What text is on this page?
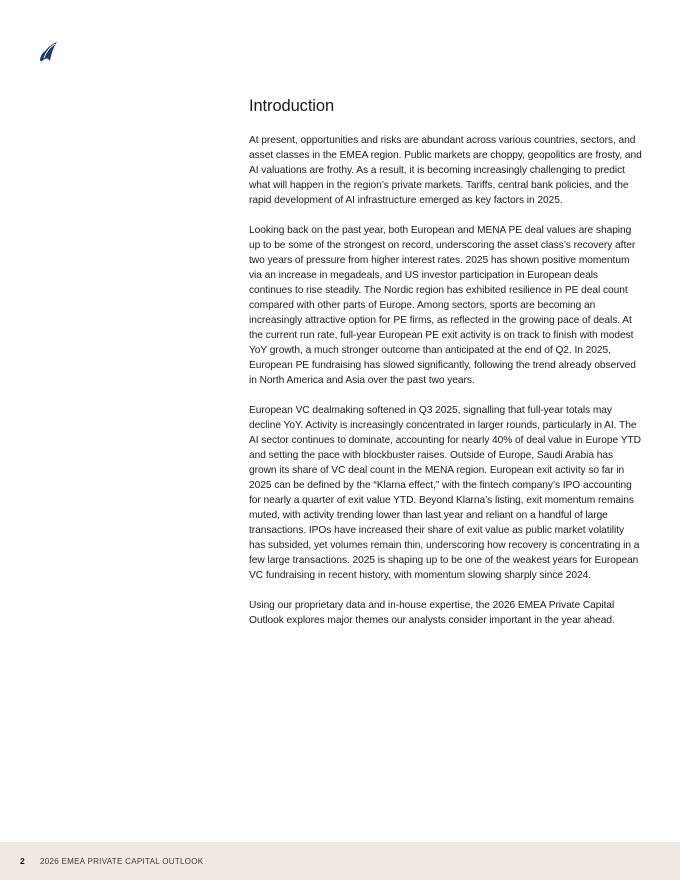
Introduction

At present, opportunities and risks are abundant across various countries, sectors, and asset classes in the EMEA region. Public markets are choppy, geopolitics are frosty, and AI valuations are frothy. As a result, it is becoming increasingly challenging to predict what will happen in the region’s private markets. Tariffs, central bank policies, and the rapid development of AI infrastructure emerged as key factors in 2025.

Looking back on the past year, both European and MENA PE deal values are shaping up to be some of the strongest on record, underscoring the asset class’s recovery after two years of pressure from higher interest rates. 2025 has shown positive momentum via an increase in megadeals, and US investor participation in European deals continues to rise steadily. The Nordic region has exhibited resilience in PE deal count compared with other parts of Europe. Among sectors, sports are becoming an increasingly attractive option for PE firms, as reflected in the growing pace of deals. At the current run rate, full-year European PE exit activity is on track to finish with modest YoY growth, a much stronger outcome than anticipated at the end of Q2. In 2025, European PE fundraising has slowed significantly, following the trend already observed in North America and Asia over the past two years.

European VC dealmaking softened in Q3 2025, signalling that full-year totals may decline YoY. Activity is increasingly concentrated in larger rounds, particularly in AI. The AI sector continues to dominate, accounting for nearly 40% of deal value in Europe YTD and setting the pace with blockbuster raises. Outside of Europe, Saudi Arabia has grown its share of VC deal count in the MENA region. European exit activity so far in 2025 can be defined by the “Klarna effect,” with the fintech company’s IPO accounting for nearly a quarter of exit value YTD. Beyond Klarna’s listing, exit momentum remains muted, with activity trending lower than last year and reliant on a handful of large transactions. IPOs have increased their share of exit value as public market volatility has subsided, yet volumes remain thin, underscoring how recovery is concentrating in a few large transactions. 2025 is shaping up to be one of the weakest years for European VC fundraising in recent history, with momentum slowing sharply since 2024.

Using our proprietary data and in-house expertise, the 2026 EMEA Private Capital Outlook explores major themes our analysts consider important in the year ahead.

2	2026 EMEA PRIVATE CAPITAL OUTLOOK
